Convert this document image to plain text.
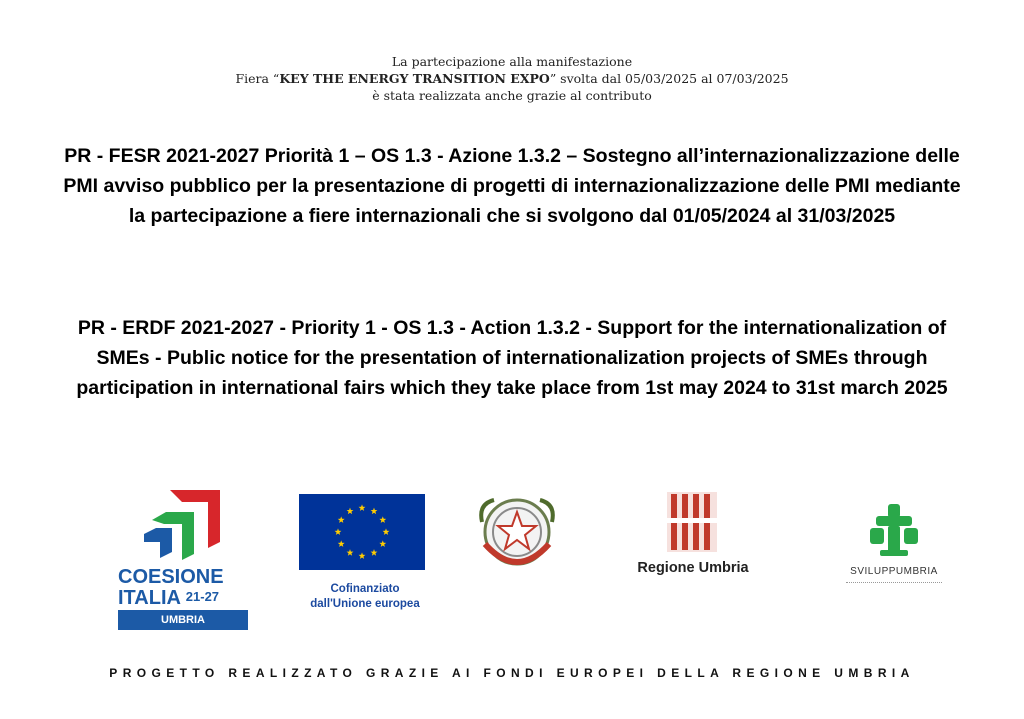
La partecipazione alla manifestazione
Fiera “KEY THE ENERGY TRANSITION EXPO” svolta dal 05/03/2025 al 07/03/2025
è stata realizzata anche grazie al contributo

PR - FESR 2021-2027 Priorità 1 – OS 1.3 - Azione 1.3.2 – Sostegno all’internazionalizzazione delle PMI avviso pubblico per la presentazione di progetti di internazionalizzazione delle PMI mediante la partecipazione a fiere internazionali che si svolgono dal 01/05/2024 al 31/03/2025

PR - ERDF 2021-2027 - Priority 1 - OS 1.3 - Action 1.3.2 - Support for the internationalization of SMEs - Public notice for the presentation of internationalization projects of SMEs through participation in international fairs which they take place from 1st may 2024 to 31st march 2025

COESIONE
ITALIA 21-27
UMBRIA
Cofinanziato
dall'Unione europea
Regione Umbria	SVILUPPUMBRIA
PROGETTO REALIZZATO GRAZIE AI FONDI EUROPEI DELLA REGIONE UMBRIA
